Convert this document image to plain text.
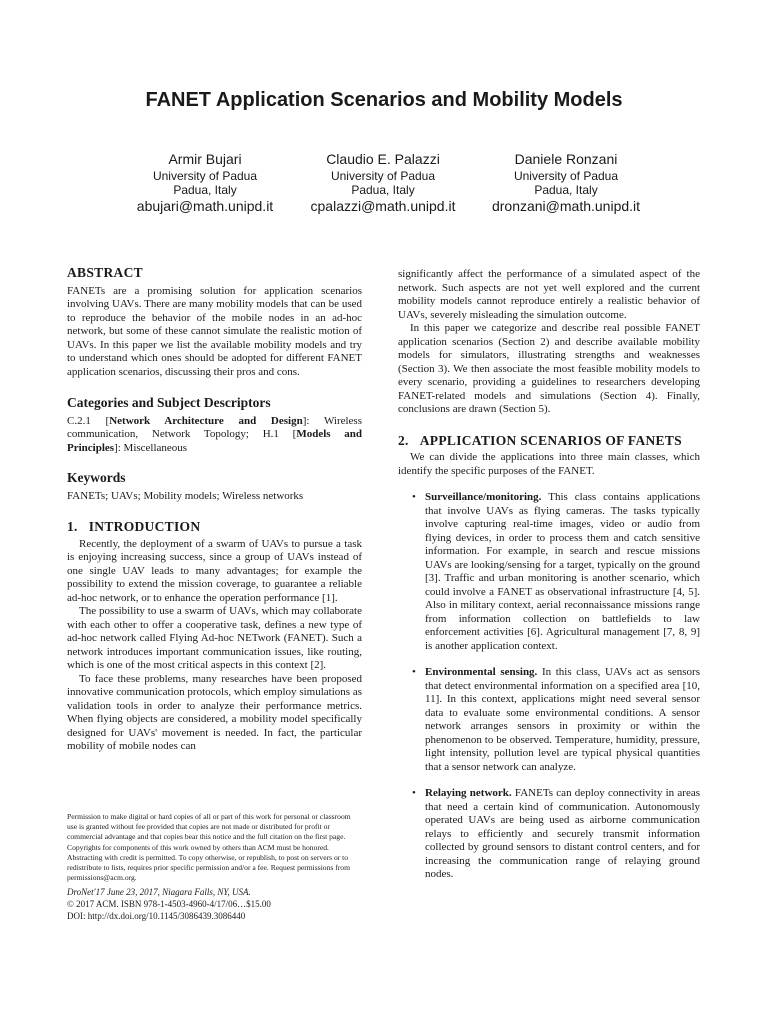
FANET Application Scenarios and Mobility Models
Armir Bujari
University of Padua
Padua, Italy
abujari@math.unipd.it
Claudio E. Palazzi
University of Padua
Padua, Italy
cpalazzi@math.unipd.it
Daniele Ronzani
University of Padua
Padua, Italy
dronzani@math.unipd.it
ABSTRACT

FANETs are a promising solution for application scenarios involving UAVs. There are many mobility models that can be used to reproduce the behavior of the mobile nodes in an ad-hoc network, but some of these cannot simulate the realistic motion of UAVs. In this paper we list the available mobility models and try to understand which ones should be adopted for different FANET application scenarios, discussing their pros and cons.

Categories and Subject Descriptors

C.2.1 [Network Architecture and Design]: Wireless communication, Network Topology; H.1 [Models and Principles]: Miscellaneous

Keywords

FANETs; UAVs; Mobility models; Wireless networks

1.   INTRODUCTION

Recently, the deployment of a swarm of UAVs to pursue a task is enjoying increasing success, since a group of UAVs instead of one single UAV leads to many advantages; for example the possibility to extend the mission coverage, to guarantee a reliable ad-hoc network, or to enhance the operation performance [1].

The possibility to use a swarm of UAVs, which may collaborate with each other to offer a cooperative task, defines a new type of ad-hoc network called Flying Ad-hoc NETwork (FANET). Such a network introduces important communication issues, like routing, which is one of the most critical aspects in this context [2].

To face these problems, many researches have been proposed innovative communication protocols, which employ simulations as validation tools in order to analyze their performance metrics. When flying objects are considered, a mobility model specifically designed for UAVs' movement is needed. In fact, the particular mobility of mobile nodes can

Permission to make digital or hard copies of all or part of this work for personal or classroom use is granted without fee provided that copies are not made or distributed for profit or commercial advantage and that copies bear this notice and the full citation on the first page. Copyrights for components of this work owned by others than ACM must be honored. Abstracting with credit is permitted. To copy otherwise, or republish, to post on servers or to redistribute to lists, requires prior specific permission and/or a fee. Request permissions from permissions@acm.org.
DroNet'17 June 23, 2017, Niagara Falls, NY, USA.
© 2017 ACM. ISBN 978-1-4503-4960-4/17/06…$15.00
DOI: http://dx.doi.org/10.1145/3086439.3086440

significantly affect the performance of a simulated aspect of the network. Such aspects are not yet well explored and the current mobility models cannot reproduce entirely a realistic behavior of UAVs, severely misleading the simulation outcome.

In this paper we categorize and describe real possible FANET application scenarios (Section 2) and describe available mobility models for simulators, illustrating strengths and weaknesses (Section 3). We then associate the most feasible mobility models to every scenario, providing a guidelines to researchers developing FANET-related models and simulations (Section 4). Finally, conclusions are drawn (Section 5).

2.   APPLICATION SCENARIOS OF FANETS

We can divide the applications into three main classes, which identify the specific purposes of the FANET.

• Surveillance/monitoring. This class contains applications that involve UAVs as flying cameras. The tasks typically involve capturing real-time images, video or audio from flying devices, in order to process them and catch sensitive information. For example, in search and rescue missions UAVs are looking/sensing for a target, typically on the ground [3]. Traffic and urban monitoring is another scenario, which could involve a FANET as observational infrastructure [4, 5]. Also in military context, aerial reconnaissance missions range from information collection on battlefields to law enforcement activities [6]. Agricultural management [7, 8, 9] is another application context.
• Environmental sensing. In this class, UAVs act as sensors that detect environmental information on a specified area [10, 11]. In this context, applications might need several sensor data to evaluate some environmental conditions. A sensor network arranges sensors in proximity or within the phenomenon to be observed. Temperature, humidity, pressure, light intensity, pollution level are typical physical quantities that a sensor network can analyze.
• Relaying network. FANETs can deploy connectivity in areas that need a certain kind of communication. Autonomously operated UAVs are being used as airborne communication relays to efficiently and securely transmit information collected by ground sensors to distant control centers, and for increasing the communication range of relaying ground nodes.
